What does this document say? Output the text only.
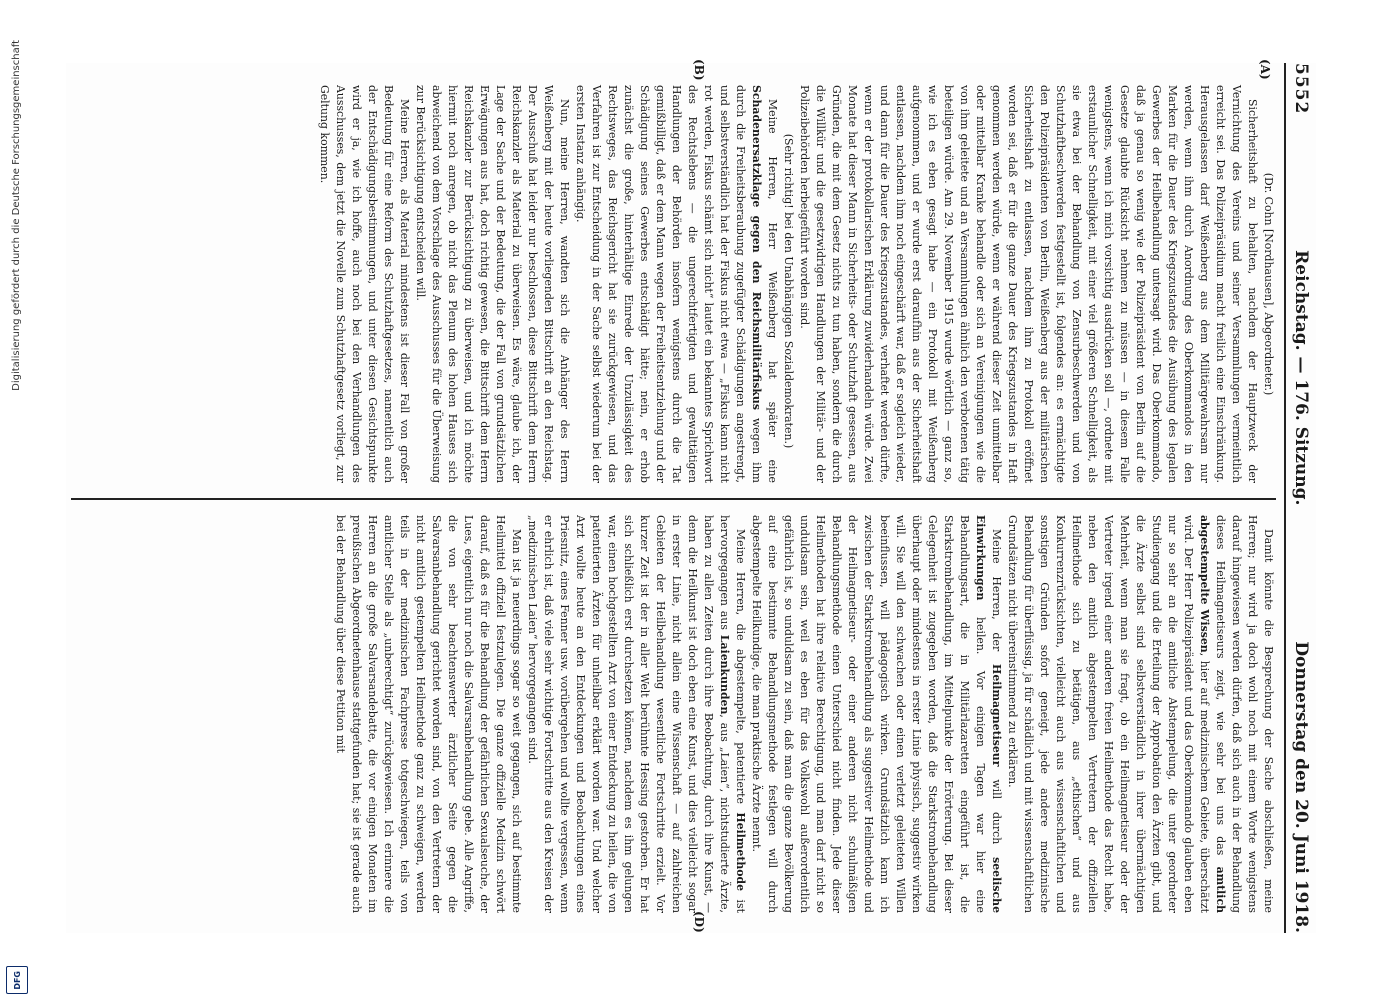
Digitalisierung gefördert durch die Deutsche Forschungsgemeinschaft
DFG
5552
Reichstag. — 176. Sitzung.
Donnerstag den 20. Juni 1918.
(A)
(B)
(D)

(Dr. Cohn [Nordhausen], Abgeordneter.)

Sicherheitshaft zu behalten, nachdem der Hauptzweck der Vernichtung des Vereins und seiner Versammlungen vermeintlich erreicht sei. Das Polizeipräsidium macht freilich eine Einschränkung. Herausgelassen darf Weißenberg aus dem Militärgewahrsam nur werden, wenn ihm durch Anordnung des Oberkommandos in den Marken für die Dauer des Kriegszustandes die Ausübung des legalen Gewerbes der Heilbehandlung untersagt wird. Das Oberkommando, daß ja genau so wenig wie der Polizeipräsident von Berlin auf die Gesetze glaubte Rücksicht nehmen zu müssen — in diesem Falle wenigstens, wenn ich mich vorsichtig ausdrücken soll —, ordnete mit erstaunlicher Schnelligkeit, mit einer viel größeren Schnelligkeit, als sie etwa bei der Behandlung von Zensurbeschwerden und von Schutzhaftbeschwerden festgestellt ist, folgendes an: es ermächtigte den Polizeipräsidenten von Berlin, Weißenberg aus der militärischen Sicherheitshaft zu entlassen, nachdem ihm zu Protokoll eröffnet worden sei, daß er für die ganze Dauer des Kriegszustandes in Haft genommen werden würde, wenn er während dieser Zeit unmittelbar oder mittelbar Kranke behandle oder sich an Vereinigungen wie die von ihm geleitete und an Versammlungen ähnlich den verbotenen tätig beteiligen würde. Am 29. November 1915 wurde wörtlich — ganz so, wie ich es eben gesagt habe — ein Protokoll mit Weißenberg aufgenommen, und er wurde erst daraufhin aus der Sicherheitshaft entlassen, nachdem ihm noch eingeschärft war, daß er sogleich wieder, und dann für die Dauer des Kriegszustandes, verhaftet werden dürfte, wenn er der protokollarischen Erklärung zuwiderhandeln würde. Zwei Monate hat dieser Mann in Sicherheits- oder Schutzhaft gesessen, aus Gründen, die mit dem Gesetz nichts zu tun haben, sondern die durch die Willkür und die gesetzwidrigen Handlungen der Militär- und der Polizeibehörden herbeigeführt worden sind.

(Sehr richtig! bei den Unabhängigen Sozialdemokraten.)

Meine Herren, Herr Weißenberg hat später eine Schadenersatzklage gegen den Reichsmilitärfiskus wegen ihm durch die Freiheitsberaubung zugefügter Schädigungen angestrengt, und selbstverständlich hat der Fiskus nicht etwa — „Fiskus kann nicht rot werden, Fiskus schämt sich nicht“ lautet ein bekanntes Sprichwort des Rechtslebens — die ungerechtfertigten und gewalttätigen Handlungen der Behörden insofern wenigstens durch die Tat gemißbilligt, daß er dem Mann wegen der Freiheitsentziehung und der Schädigung seines Gewerbes entschädigt hätte; nein, er erhob zunächst die große, hinterhältige Einrede der Unzulässigkeit des Rechtsweges, das Reichsgericht hat sie zurückgewiesen, und das Verfahren ist zur Entscheidung in der Sache selbst wiederum bei der ersten Instanz anhängig.

Nun, meine Herren, wandten sich die Anhänger des Herrn Weißenberg mit der heute vorliegenden Bittschrift an den Reichstag. Der Ausschuß hat leider nur beschlossen, diese Bittschrift dem Herrn Reichskanzler als Material zu überweisen. Es wäre, glaube ich, der Lage der Sache und der Bedeutung, die der Fall von grundsätzlichen Erwägungen aus hat, doch richtig gewesen, die Bittschrift dem Herrn Reichskanzler zur Berücksichtigung zu überweisen, und ich möchte hiermit noch anregen, ob nicht das Plenum des hohen Hauses sich abweichend von dem Vorschlage des Ausschusses für die Überweisung zur Berücksichtigung entscheiden will.

Meine Herren, als Material mindestens ist dieser Fall von großer Bedeutung für eine Reform des Schutzhaftgesetzes, namentlich auch der Entschädigungsbestimmungen, und unter diesen Gesichtspunkte wird er ja, wie ich hoffe, auch noch bei den Verhandlungen des Ausschusses, dem jetzt die Novelle zum Schutzhaftgesetz vorliegt, zur Geltung kommen.

Damit könnte die Besprechung der Sache abschließen, meine Herren; nur wird ja doch wohl noch mit einem Worte wenigstens darauf hingewiesen werden dürfen, daß sich auch in der Behandlung dieses Heilmagnetiseurs zeigt, wie sehr bei uns das amtlich abgestempelte Wissen, hier auf medizinischem Gebiete, überschätzt wird. Der Herr Polizeipräsident und das Oberkommando glauben eben nur so sehr an die amtliche Abstempelung, die unter geordneter Studiengang und die Erteilung der Approbation den Ärzten gibt, und die Ärzte selbst sind selbstverständlich in ihrer übermächtigen Mehrheit, wenn man sie fragt, ob ein Heilmagnetiseur oder der Vertreter irgend einer anderen freien Heilmethode das Recht habe, neben den amtlich abgestempelten Vertretern der offiziellen Heilmethode sich zu betätigen, aus „ethischen“ und aus Konkurrenzrücksichten, vielleicht auch aus wissenschaftlichen und sonstigen Gründen sofort geneigt, jede andere medizinische Behandlung für überflüssig, ja für schädlich und mit wissenschaftlichen Grundsätzen nicht übereinstimmend zu erklären.

Meine Herren, der Heilmagnetiseur will durch seelische Einwirkungen heilen. Vor einigen Tagen war hier eine Behandlungsart, die in Militärlazaretten eingeführt ist, die Starkstrombehandlung, im Mittelpunkte der Erörterung. Bei dieser Gelegenheit ist zugegeben worden, daß die Starkstrombehandlung überhaupt oder mindestens in erster Linie physisch, suggestiv wirken will. Sie will den schwachen oder einen verletzt geleiteten Willen beeinflussen, will pädagogisch wirken. Grundsätzlich kann ich zwischen der Starkstrombehandlung als suggestiver Heilmethode und der Heilmagnetiseur- oder einer anderen nicht schulmäßigen Behandlungsmethode einen Unterschied nicht finden. Jede dieser Heilmethoden hat ihre relative Berechtigung, und man darf nicht so unduldsam sein, weil es eben für das Volkswohl außerordentlich gefährlich ist, so unduldsam zu sein, daß man die ganze Bevölkerung auf eine bestimmte Behandlungsmethode festlegen will durch abgestempelte Heilkundige, die man praktische Ärzte nennt.

Meine Herren, die abgestempelte, patentierte Heilmethode ist hervorgegangen aus Laienkunden, aus „Laien“, nichtstudierte Ärzte, haben zu allen Zeiten durch ihre Beobachtung, durch ihre Kunst, — denn die Heilkunst ist doch eben eine Kunst, und dies vielleicht sogar in erster Linie, nicht allein eine Wissenschaft — auf zahlreichen Gebieten der Heilbehandlung wesentliche Fortschritte erzielt. Vor kurzer Zeit ist der in aller Welt berühmte Hessing gestorben. Er hat sich schließlich erst durchsetzen können, nachdem es ihm gelungen war, einen hochgestellten Arzt von einer Entdeckung zu heilen, die von patentierten Ärzten für unheilbar erklärt worden war. Und welcher Arzt wollte heute an den Entdeckungen und Beobachtungen eines Priesnitz, eines Fenner usw. vorübergehen und wollte vergessen, wenn er ehrlich ist, daß viele sehr wichtige Fortschritte aus den Kreisen der „medizinischen Laien“ hervorgegangen sind.

Man ist ja neuerdings sogar so weit gegangen, sich auf bestimmte Heilmittel offiziell festzulegen. Die ganze offizielle Medizin schwört darauf, daß es für die Behandlung der gefährlichen Sexualseuche, der Lues, eigentlich nur noch die Salvarsanbehandlung gebe. Alle Angriffe, die von sehr beachtenswerter ärztlicher Seite gegen die Salvarsanbehandlung gerichtet worden sind, von den Vertretern der nicht amtlich gestempelten Heilmethode ganz zu schweigen, werden teils in der medizinischen Fachpresse totgeschwiegen, teils von amtlicher Stelle als „unberechtigt“ zurückgewiesen. Ich erinnere die Herren an die große Salvarsandebatte, die vor einigen Monaten im preußischen Abgeordnetenhause stattgefunden hat; sie ist gerade auch bei der Behandlung über diese Petition mit
